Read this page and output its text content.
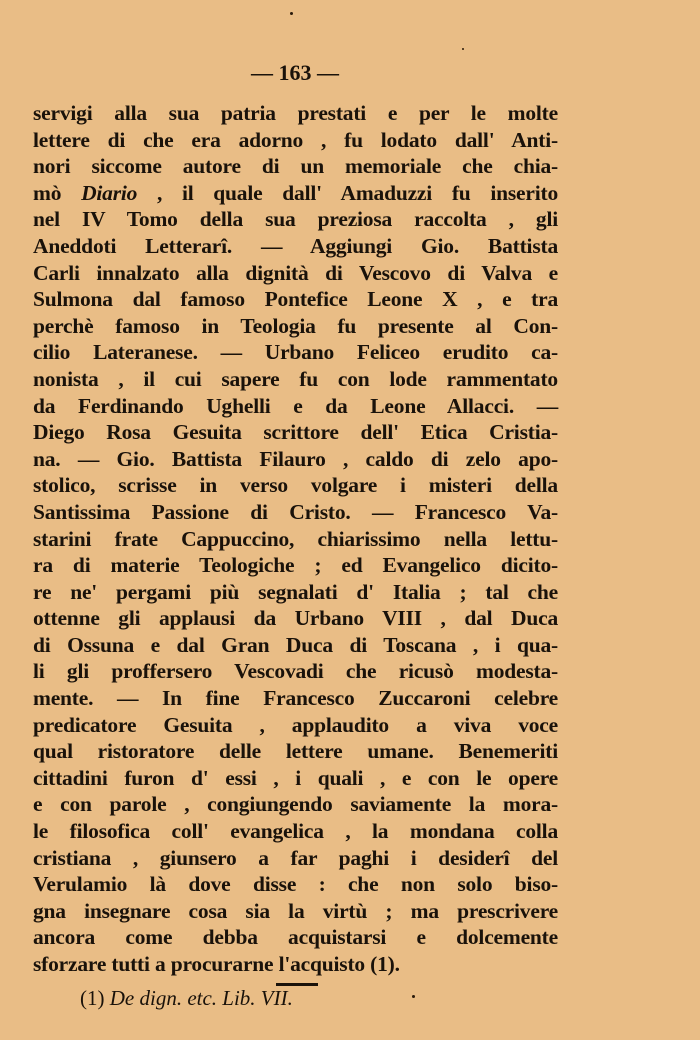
— 163 —
servigi alla sua patria prestati e per le molte
lettere di che era adorno , fu lodato dall' Anti-
nori siccome autore di un memoriale che chia-
mò Diario , il quale dall' Amaduzzi fu inserito
nel IV Tomo della sua preziosa raccolta , gli
Aneddoti Letterarî. — Aggiungi Gio. Battista
Carli innalzato alla dignità di Vescovo di Valva e
Sulmona dal famoso Pontefice Leone X , e tra
perchè famoso in Teologia fu presente al Con-
cilio Lateranese. — Urbano Feliceo erudito ca-
nonista , il cui sapere fu con lode rammentato
da Ferdinando Ughelli e da Leone Allacci. —
Diego Rosa Gesuita scrittore dell' Etica Cristia-
na. — Gio. Battista Filauro , caldo di zelo apo-
stolico, scrisse in verso volgare i misteri della
Santissima Passione di Cristo. — Francesco Va-
starini frate Cappuccino, chiarissimo nella lettu-
ra di materie Teologiche ; ed Evangelico dicito-
re ne' pergami più segnalati d' Italia ; tal che
ottenne gli applausi da Urbano VIII , dal Duca
di Ossuna e dal Gran Duca di Toscana , i qua-
li gli proffersero Vescovadi che ricusò modesta-
mente. — In fine Francesco Zuccaroni celebre
predicatore Gesuita , applaudito a viva voce
qual ristoratore delle lettere umane. Benemeriti
cittadini furon d' essi , i quali , e con le opere
e con parole , congiungendo saviamente la mora-
le filosofica coll' evangelica , la mondana colla
cristiana , giunsero a far paghi i desiderî del
Verulamio là dove disse : che non solo biso-
gna insegnare cosa sia la virtù ; ma prescrivere
ancora come debba acquistarsi e dolcemente
sforzare tutti a procurarne l'acquisto (1).
(1) De dign. etc. Lib. VII.
